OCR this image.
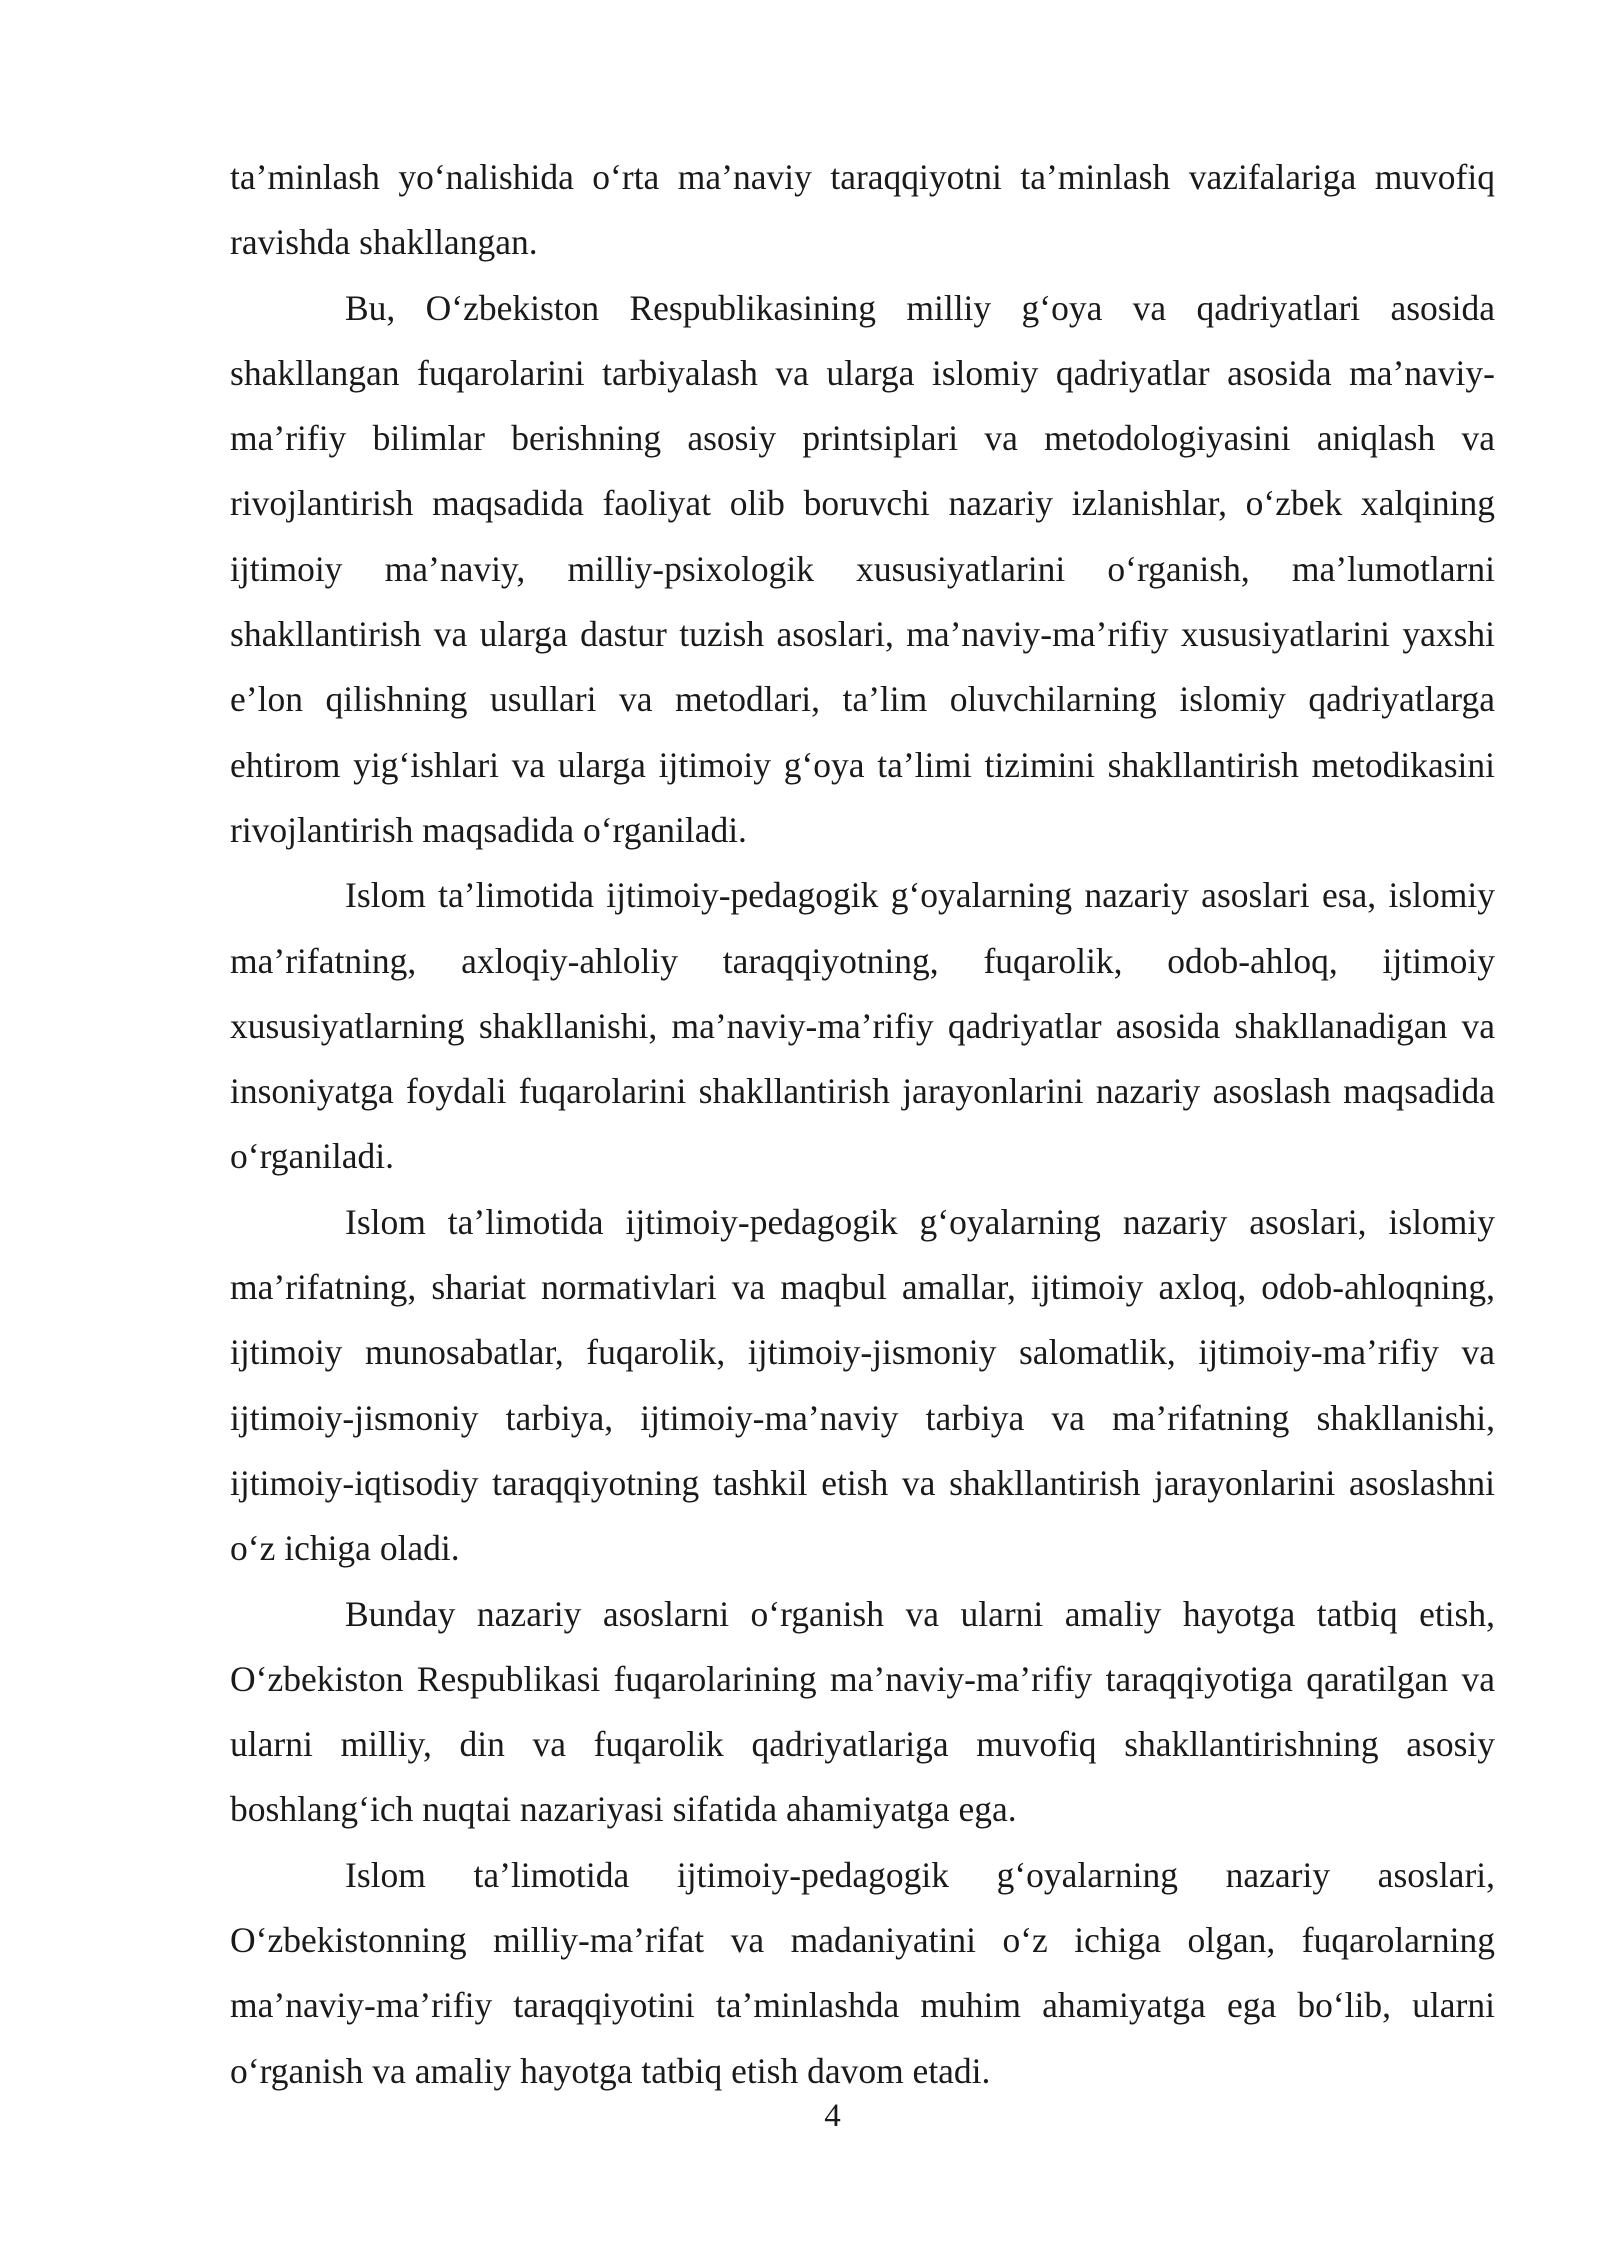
ta’minlash yo‘nalishida o‘rta ma’naviy taraqqiyotni ta’minlash vazifalariga muvofiq ravishda shakllangan.

Bu, O‘zbekiston Respublikasining milliy g‘oya va qadriyatlari asosida shakllangan fuqarolarini tarbiyalash va ularga islomiy qadriyatlar asosida ma’naviy-ma’rifiy bilimlar berishning asosiy printsiplari va metodologiyasini aniqlash va rivojlantirish maqsadida faoliyat olib boruvchi nazariy izlanishlar, o‘zbek xalqining ijtimoiy ma’naviy, milliy-psixologik xususiyatlarini o‘rganish, ma’lumotlarni shakllantirish va ularga dastur tuzish asoslari, ma’naviy-ma’rifiy xususiyatlarini yaxshi e’lon qilishning usullari va metodlari, ta’lim oluvchilarning islomiy qadriyatlarga ehtirom yig‘ishlari va ularga ijtimoiy g‘oya ta’limi tizimini shakllantirish metodikasini rivojlantirish maqsadida o‘rganiladi.

Islom ta’limotida ijtimoiy-pedagogik g‘oyalarning nazariy asoslari esa, islomiy ma’rifatning, axloqiy-ahloliy taraqqiyotning, fuqarolik, odob-ahloq, ijtimoiy xususiyatlarning shakllanishi, ma’naviy-ma’rifiy qadriyatlar asosida shakllanadigan va insoniyatga foydali fuqarolarini shakllantirish jarayonlarini nazariy asoslash maqsadida o‘rganiladi.

Islom ta’limotida ijtimoiy-pedagogik g‘oyalarning nazariy asoslari, islomiy ma’rifatning, shariat normativlari va maqbul amallar, ijtimoiy axloq, odob-ahloqning, ijtimoiy munosabatlar, fuqarolik, ijtimoiy-jismoniy salomatlik, ijtimoiy-ma’rifiy va ijtimoiy-jismoniy tarbiya, ijtimoiy-ma’naviy tarbiya va ma’rifatning shakllanishi, ijtimoiy-iqtisodiy taraqqiyotning tashkil etish va shakllantirish jarayonlarini asoslashni o‘z ichiga oladi.

Bunday nazariy asoslarni o‘rganish va ularni amaliy hayotga tatbiq etish, O‘zbekiston Respublikasi fuqarolarining ma’naviy-ma’rifiy taraqqiyotiga qaratilgan va ularni milliy, din va fuqarolik qadriyatlariga muvofiq shakllantirishning asosiy boshlang‘ich nuqtai nazariyasi sifatida ahamiyatga ega.

Islom ta’limotida ijtimoiy-pedagogik g‘oyalarning nazariy asoslari, O‘zbekistonning milliy-ma’rifat va madaniyatini o‘z ichiga olgan, fuqarolarning ma’naviy-ma’rifiy taraqqiyotini ta’minlashda muhim ahamiyatga ega bo‘lib, ularni o‘rganish va amaliy hayotga tatbiq etish davom etadi.

4
